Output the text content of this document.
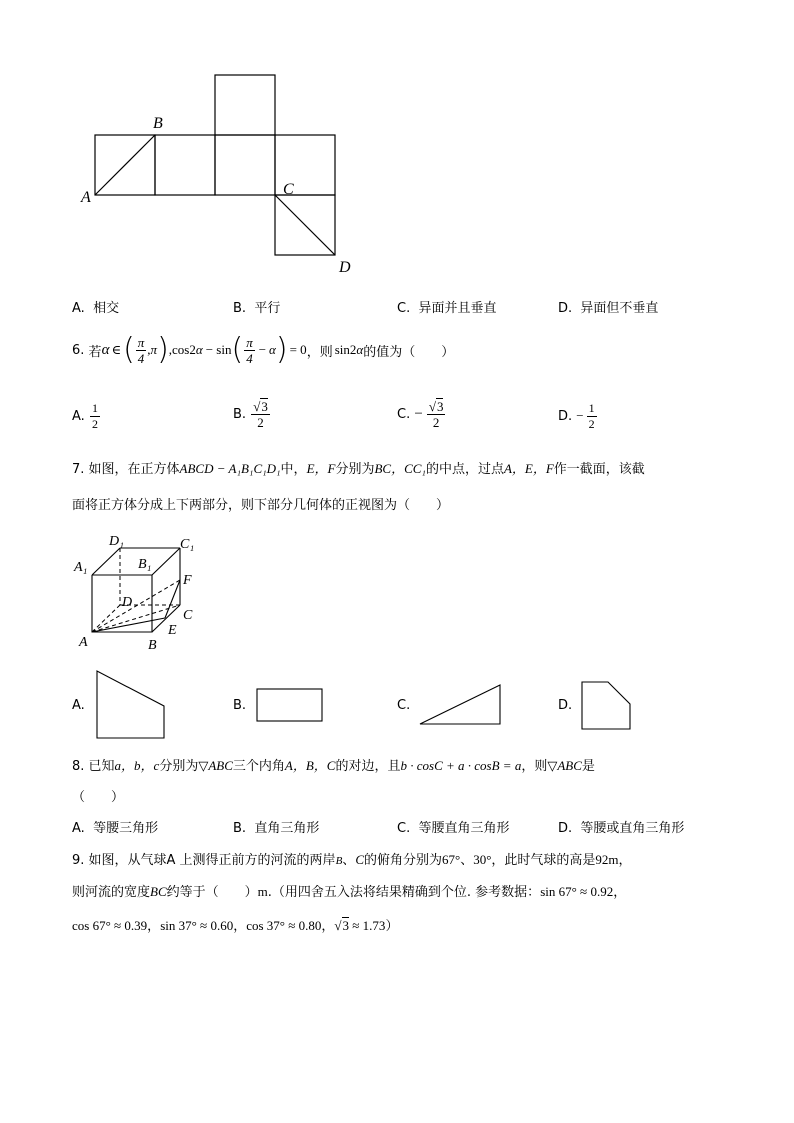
B
A	C
D
A. 相交	B. 平行	C. 异面并且垂直	D. 异面但不垂直
6.
若 α ∈ ( $\frac{\pi}{4}$ , π ) , cos2 α − sin ( $\frac{\pi}{4} - \alpha$ ) = 0 ，则 sin2 α 的值为（　　）
A.
$\frac{1}{2}$	B.
$\frac{√3}{2}$	C.
− $\frac{√3}{2}$	D.
− $\frac{1}{2}$
7. 如图，在正方体ABCD − A₁B₁C₁D₁中，E，F分别为BC，CC₁的中点，过点A，E，F作一截面，该截
面将正方体分成上下两部分，则下部分几何体的正视图为（　　）
D₁	C₁
A₁	B₁
F
D
C
E
A	B
A.	B.	C.	D.
8. 已知a，b，c分别为▽ABC三个内角A，B，C的对边，且b · cosC + a · cosB = a，则▽ABC是
（　　）
A. 等腰三角形	B. 直角三角形	C. 等腰直角三角形	D. 等腰或直角三角形
9. 如图，从气球A 上测得正前方的河流的两岸B、C的俯角分别为67°、30°，此时气球的高是92m，
则河流的宽度BC约等于（　　）m.（用四舍五入法将结果精确到个位. 参考数据：sin 67° ≈ 0.92，
cos 67° ≈ 0.39，sin 37° ≈ 0.60，cos 37° ≈ 0.80，√3 ≈ 1.73）
